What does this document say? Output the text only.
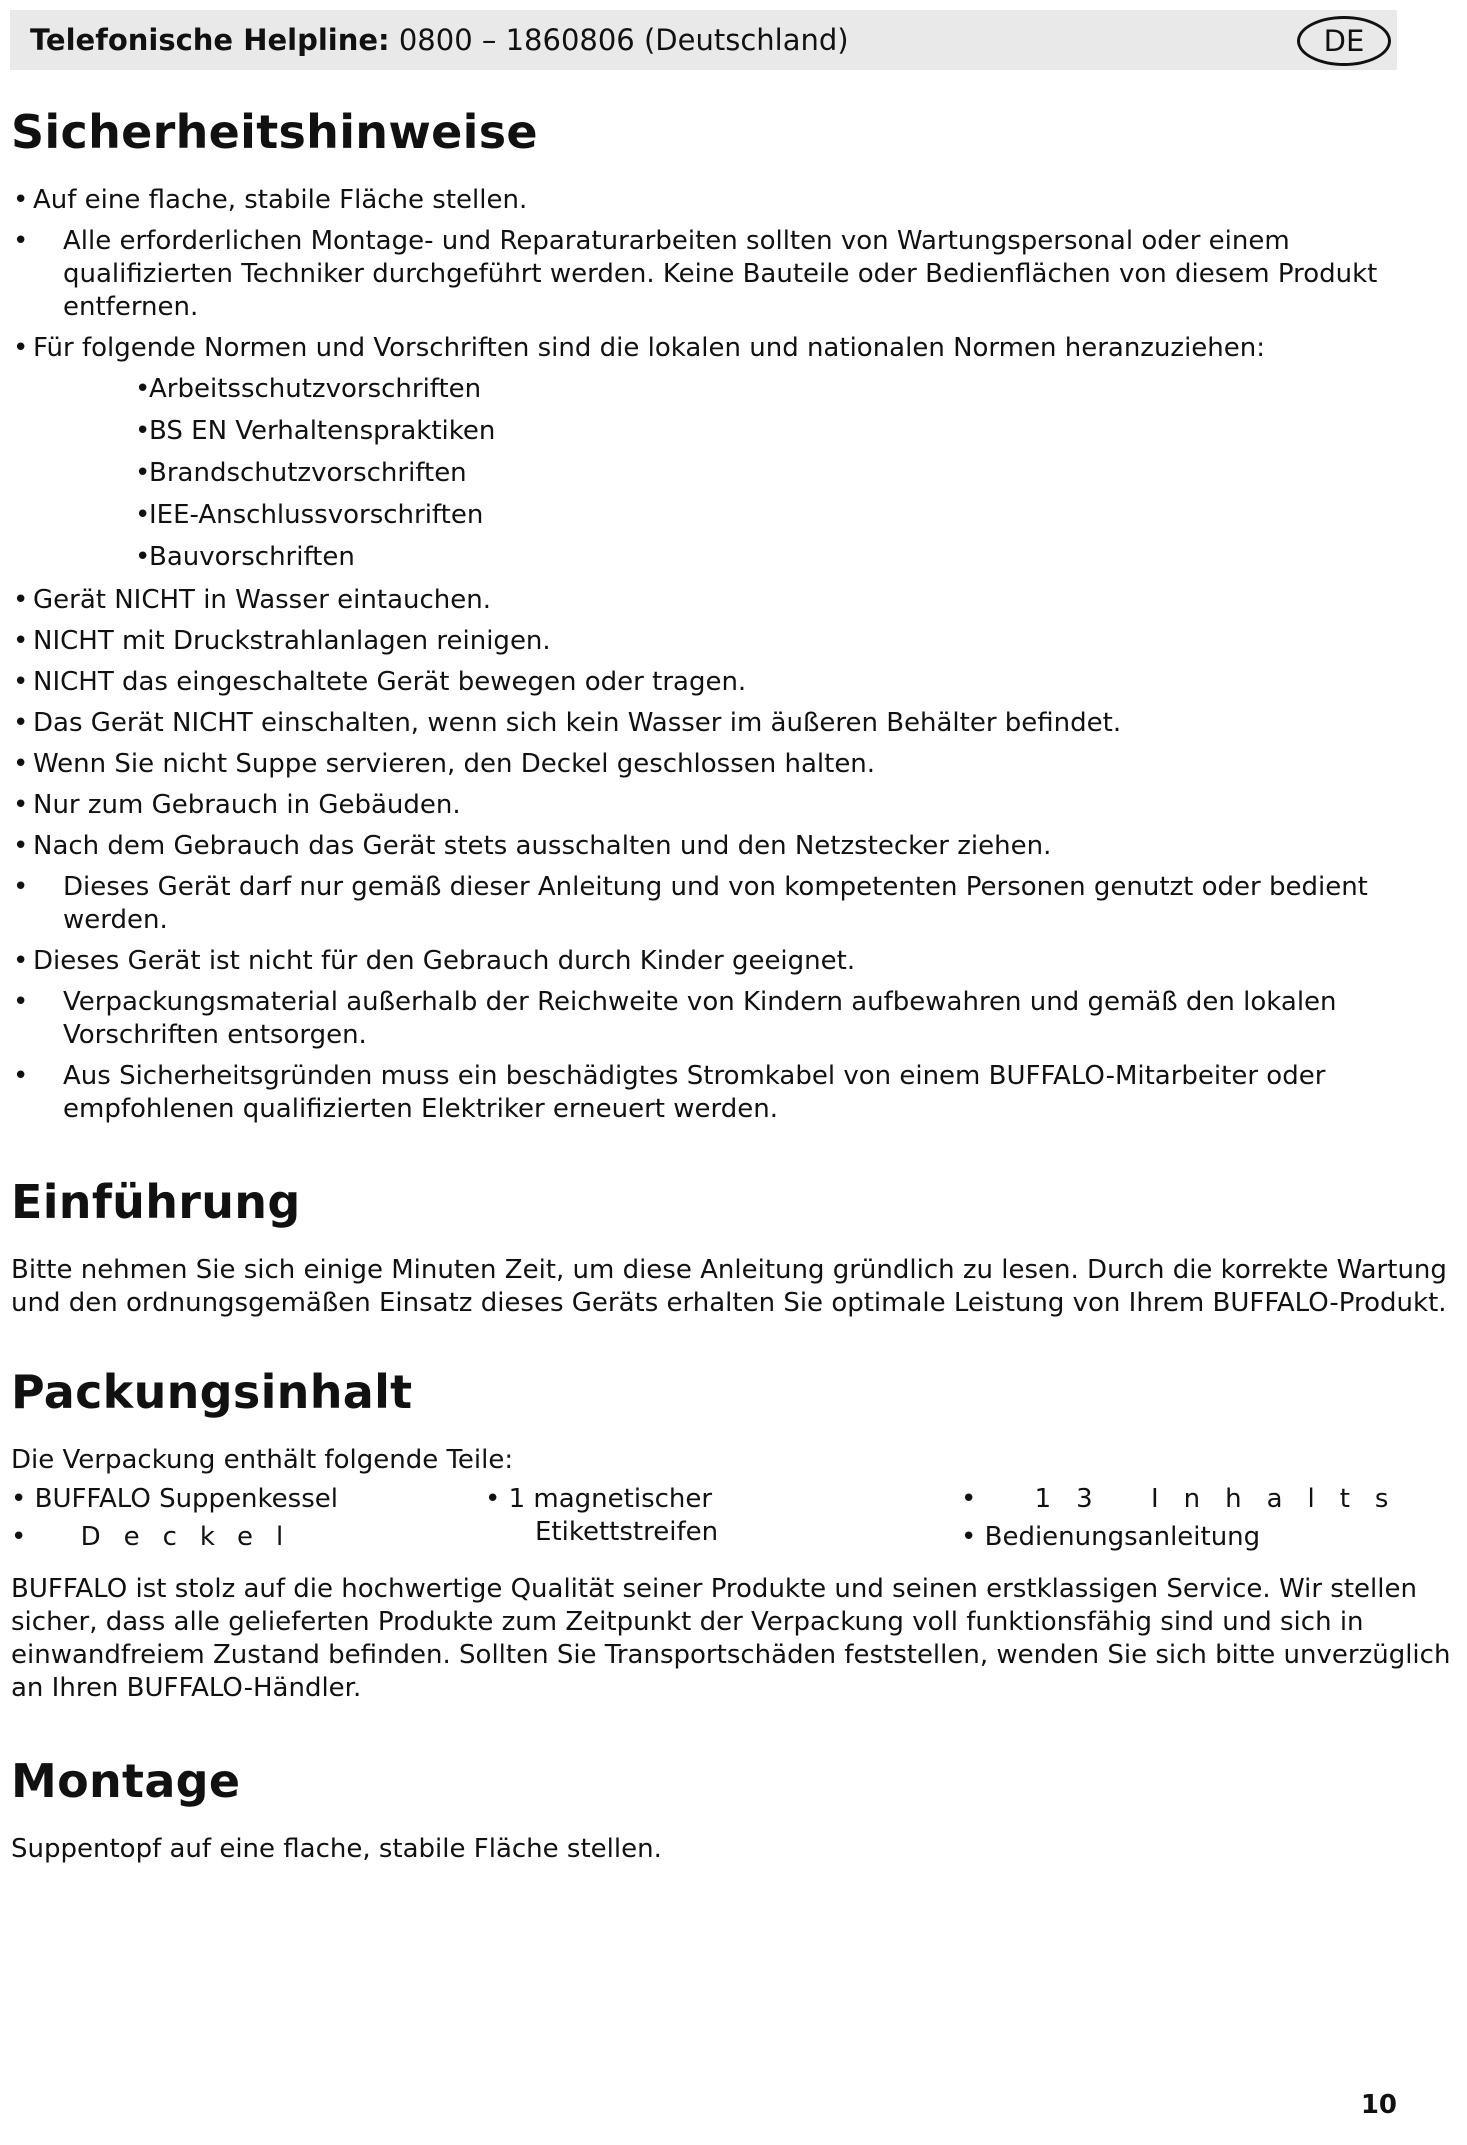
Telefonische Helpline: 0800 – 1860806 (Deutschland)	DE
Sicherheitshinweise
• Auf eine flache, stabile Fläche stellen.
• Alle erforderlichen Montage- und Reparaturarbeiten sollten von Wartungspersonal oder einem qualifizierten Techniker durchgeführt werden. Keine Bauteile oder Bedienflächen von diesem Produkt entfernen.
• Für folgende Normen und Vorschriften sind die lokalen und nationalen Normen heranzuziehen:
•
Arbeitsschutzvorschriften
•
BS EN Verhaltenspraktiken
•
Brandschutzvorschriften
•
IEE-Anschlussvorschriften
•
Bauvorschriften
• Gerät NICHT in Wasser eintauchen.
• NICHT mit Druckstrahlanlagen reinigen.
• NICHT das eingeschaltete Gerät bewegen oder tragen.
• Das Gerät NICHT einschalten, wenn sich kein Wasser im äußeren Behälter befindet.
• Wenn Sie nicht Suppe servieren, den Deckel geschlossen halten.
• Nur zum Gebrauch in Gebäuden.
• Nach dem Gebrauch das Gerät stets ausschalten und den Netzstecker ziehen.
• Dieses Gerät darf nur gemäß dieser Anleitung und von kompetenten Personen genutzt oder bedient werden.
• Dieses Gerät ist nicht für den Gebrauch durch Kinder geeignet.
• Verpackungsmaterial außerhalb der Reichweite von Kindern aufbewahren und gemäß den lokalen Vorschriften entsorgen.
• Aus Sicherheitsgründen muss ein beschädigtes Stromkabel von einem BUFFALO-Mitarbeiter oder empfohlenen qualifizierten Elektriker erneuert werden.
Einführung

Bitte nehmen Sie sich einige Minuten Zeit, um diese Anleitung gründlich zu lesen. Durch die korrekte Wartung und den ordnungsgemäßen Einsatz dieses Geräts erhalten Sie optimale Leistung von Ihrem BUFFALO-Produkt.

Packungsinhalt

Die Verpackung enthält folgende Teile:

• BUFFALO Suppenkessel
• Deckel
• 1 magnetischer
Etikettstreifen
• 13 Inhalts
• Bedienungsanleitung

BUFFALO ist stolz auf die hochwertige Qualität seiner Produkte und seinen erstklassigen Service. Wir stellen sicher, dass alle gelieferten Produkte zum Zeitpunkt der Verpackung voll funktionsfähig sind und sich in einwandfreiem Zustand befinden. Sollten Sie Transportschäden feststellen, wenden Sie sich bitte unverzüglich an Ihren BUFFALO-Händler.

Montage

Suppentopf auf eine flache, stabile Fläche stellen.

10
